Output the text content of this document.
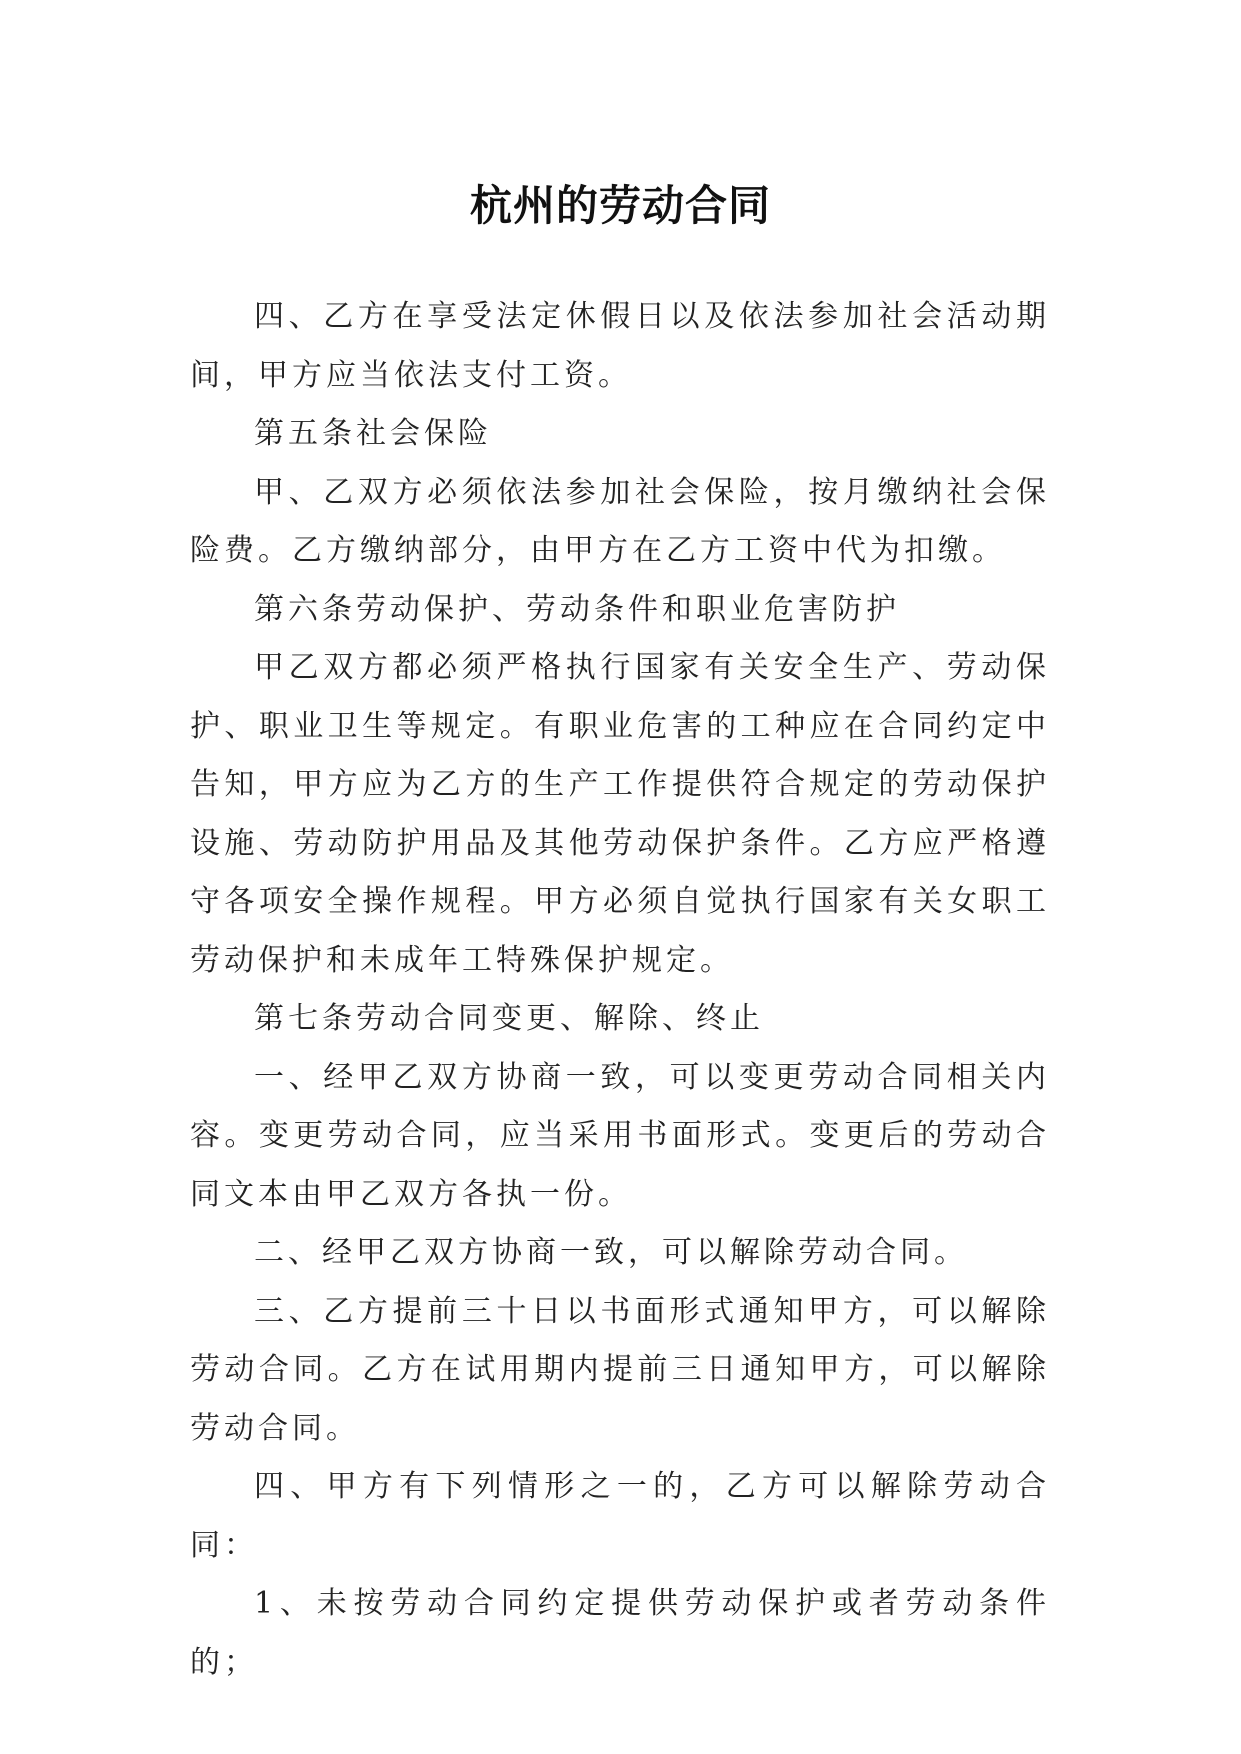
杭州的劳动合同

四、乙方在享受法定休假日以及依法参加社会活动期间，甲方应当依法支付工资。

第五条社会保险

甲、乙双方必须依法参加社会保险，按月缴纳社会保险费。乙方缴纳部分，由甲方在乙方工资中代为扣缴。

第六条劳动保护、劳动条件和职业危害防护

甲乙双方都必须严格执行国家有关安全生产、劳动保护、职业卫生等规定。有职业危害的工种应在合同约定中告知，甲方应为乙方的生产工作提供符合规定的劳动保护设施、劳动防护用品及其他劳动保护条件。乙方应严格遵守各项安全操作规程。甲方必须自觉执行国家有关女职工劳动保护和未成年工特殊保护规定。

第七条劳动合同变更、解除、终止

一、经甲乙双方协商一致，可以变更劳动合同相关内容。变更劳动合同，应当采用书面形式。变更后的劳动合同文本由甲乙双方各执一份。

二、经甲乙双方协商一致，可以解除劳动合同。

三、乙方提前三十日以书面形式通知甲方，可以解除劳动合同。乙方在试用期内提前三日通知甲方，可以解除劳动合同。

四、甲方有下列情形之一的，乙方可以解除劳动合同：

1、未按劳动合同约定提供劳动保护或者劳动条件的；
